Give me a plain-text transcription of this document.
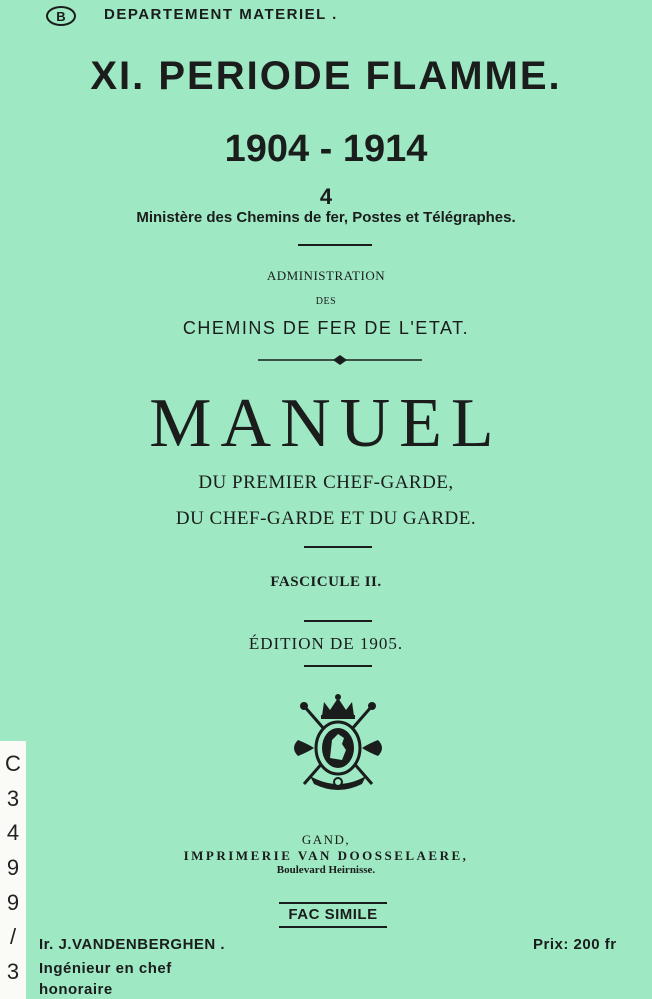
B	DEPARTEMENT MATERIEL .
XI. PERIODE FLAMME.
1904 - 1914
4
Ministère des Chemins de fer, Postes et Télégraphes.
ADMINISTRATION
DES
CHEMINS DE FER DE L'ETAT.
MANUEL
DU PREMIER CHEF-GARDE,
DU CHEF-GARDE ET DU GARDE.
FASCICULE II.
ÉDITION DE 1905.
GAND,
IMPRIMERIE VAN DOOSSELAERE,
Boulevard Heirnisse.
FAC SIMILE
Ir. J.VANDENBERGHEN .
Ingénieur en chef
honoraire
Prix: 200 fr
C
3
4
9
9
/
3
